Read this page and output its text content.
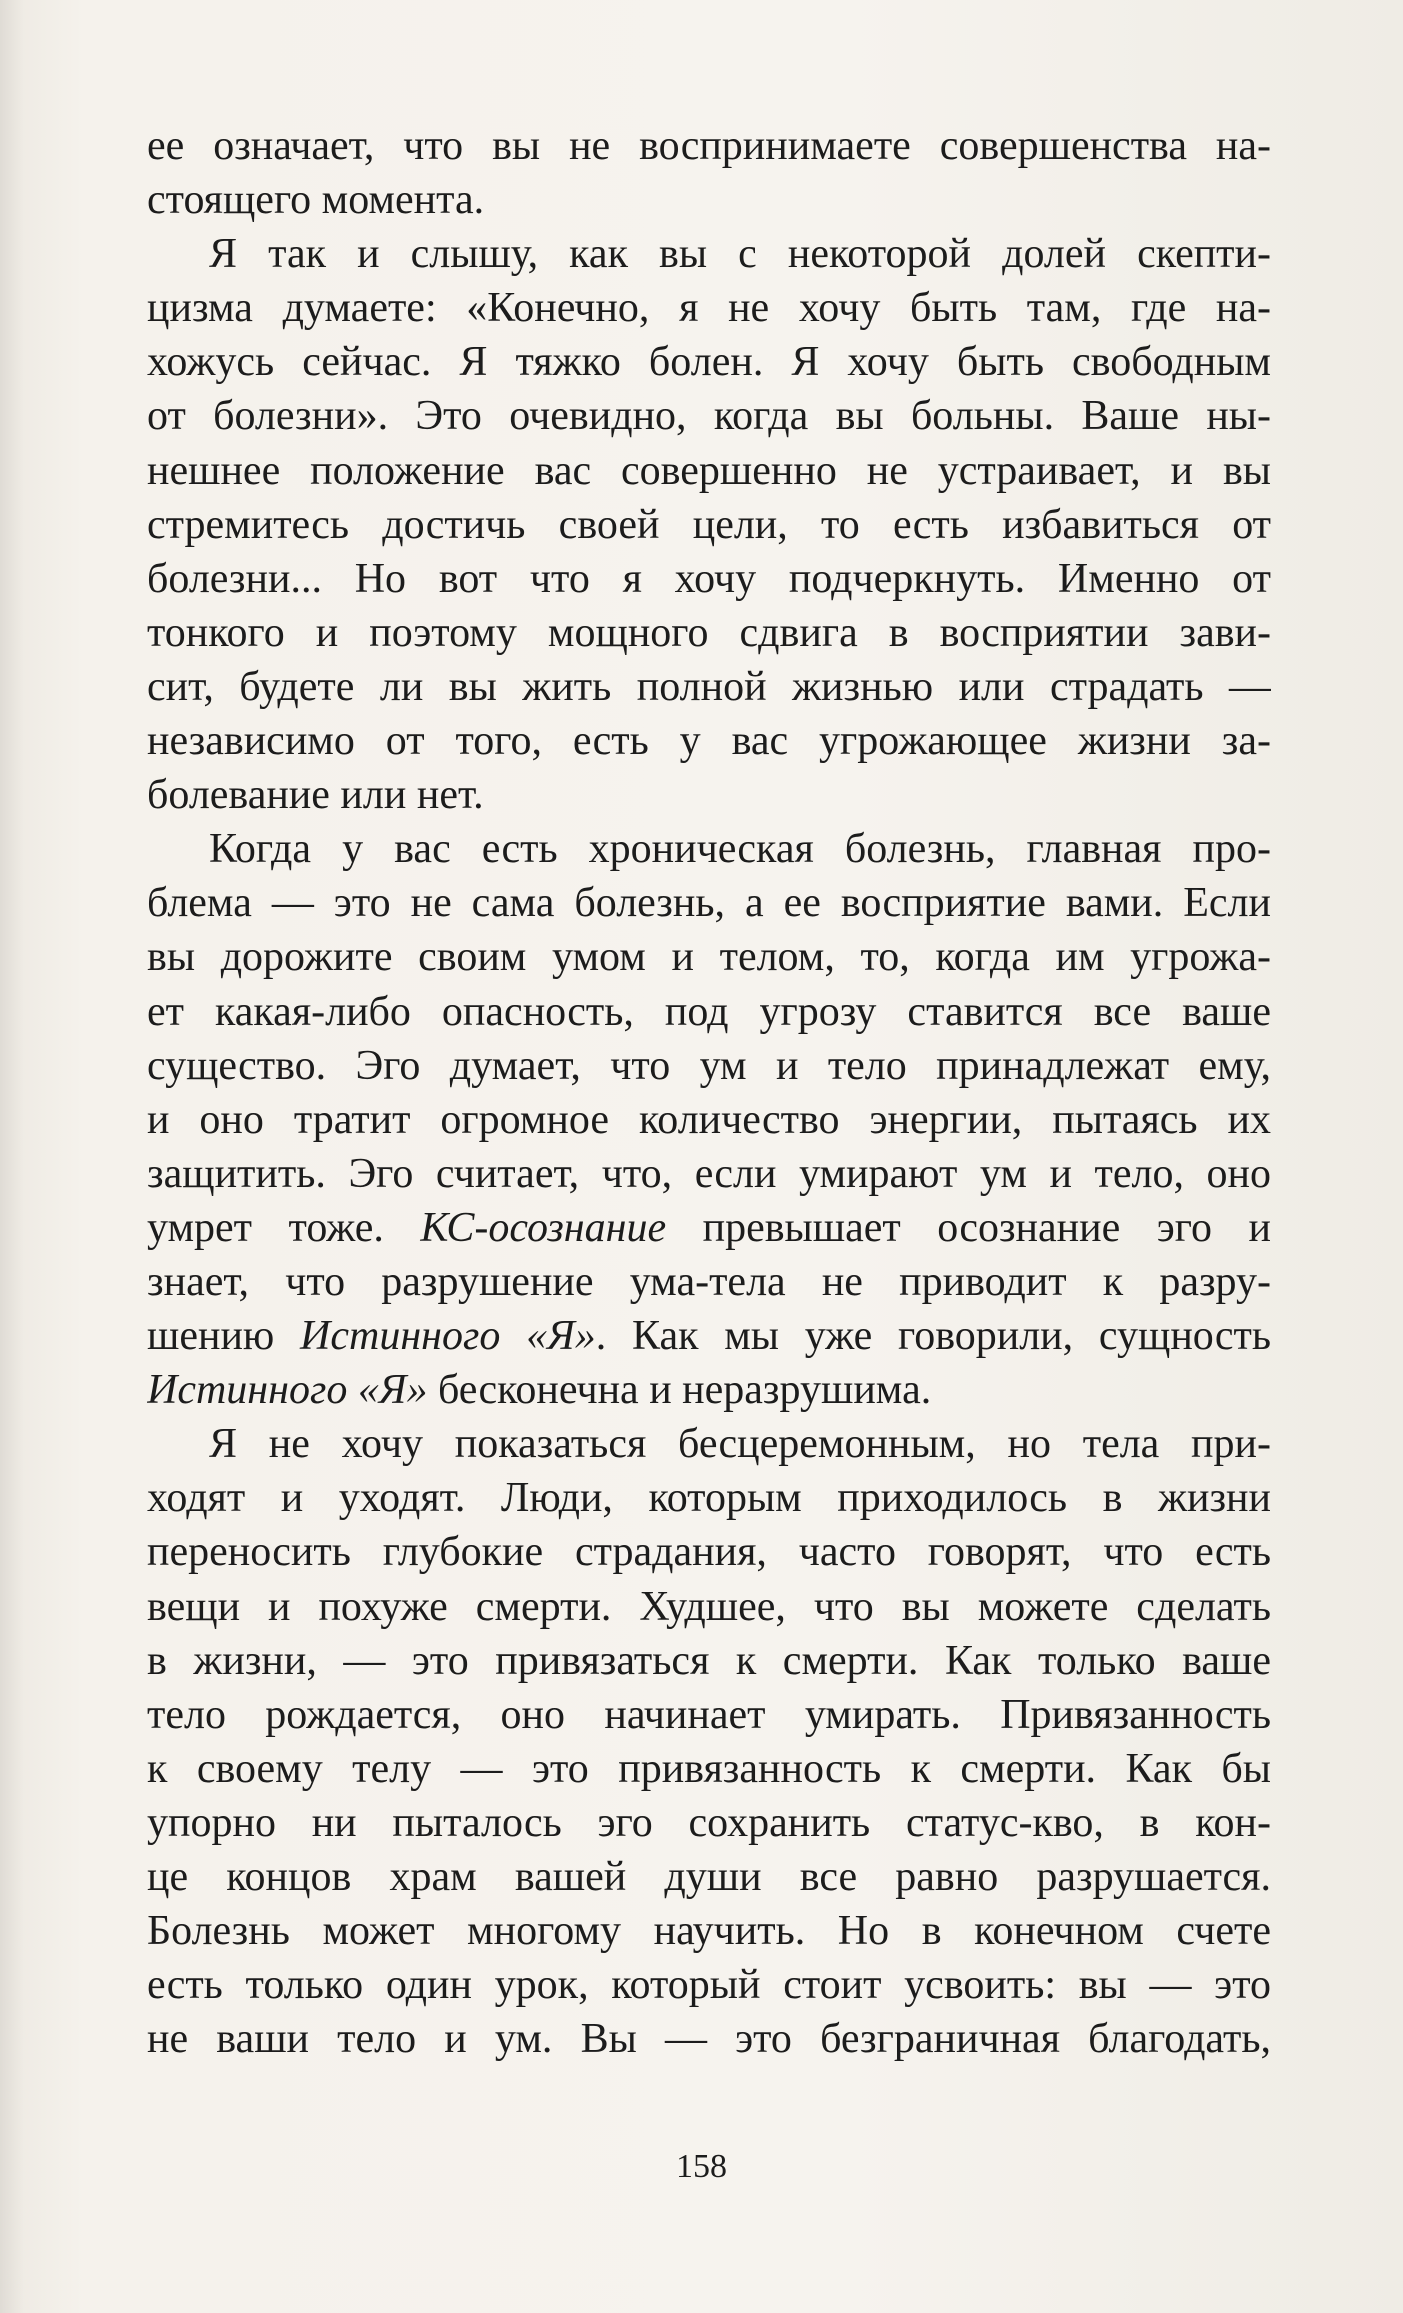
ее означает, что вы не воспринимаете совершенства на-
стоящего момента.
Я так и слышу, как вы с некоторой долей скепти-
цизма думаете: «Конечно, я не хочу быть там, где на-
хожусь сейчас. Я тяжко болен. Я хочу быть свободным
от болезни». Это очевидно, когда вы больны. Ваше ны-
нешнее положение вас совершенно не устраивает, и вы
стремитесь достичь своей цели, то есть избавиться от
болезни... Но вот что я хочу подчеркнуть. Именно от
тонкого и поэтому мощного сдвига в восприятии зави-
сит, будете ли вы жить полной жизнью или страдать —
независимо от того, есть у вас угрожающее жизни за-
болевание или нет.
Когда у вас есть хроническая болезнь, главная про-
блема — это не сама болезнь, а ее восприятие вами. Если
вы дорожите своим умом и телом, то, когда им угрожа-
ет какая-либо опасность, под угрозу ставится все ваше
существо. Эго думает, что ум и тело принадлежат ему,
и оно тратит огромное количество энергии, пытаясь их
защитить. Эго считает, что, если умирают ум и тело, оно
умрет тоже. КС-осознание превышает осознание эго и
знает, что разрушение ума-тела не приводит к разру-
шению Истинного «Я». Как мы уже говорили, сущность
Истинного «Я» бесконечна и неразрушима.
Я не хочу показаться бесцеремонным, но тела при-
ходят и уходят. Люди, которым приходилось в жизни
переносить глубокие страдания, часто говорят, что есть
вещи и похуже смерти. Худшее, что вы можете сделать
в жизни, — это привязаться к смерти. Как только ваше
тело рождается, оно начинает умирать. Привязанность
к своему телу — это привязанность к смерти. Как бы
упорно ни пыталось эго сохранить статус-кво, в кон-
це концов храм вашей души все равно разрушается.
Болезнь может многому научить. Но в конечном счете
есть только один урок, который стоит усвоить: вы — это
не ваши тело и ум. Вы — это безграничная благодать,
158
